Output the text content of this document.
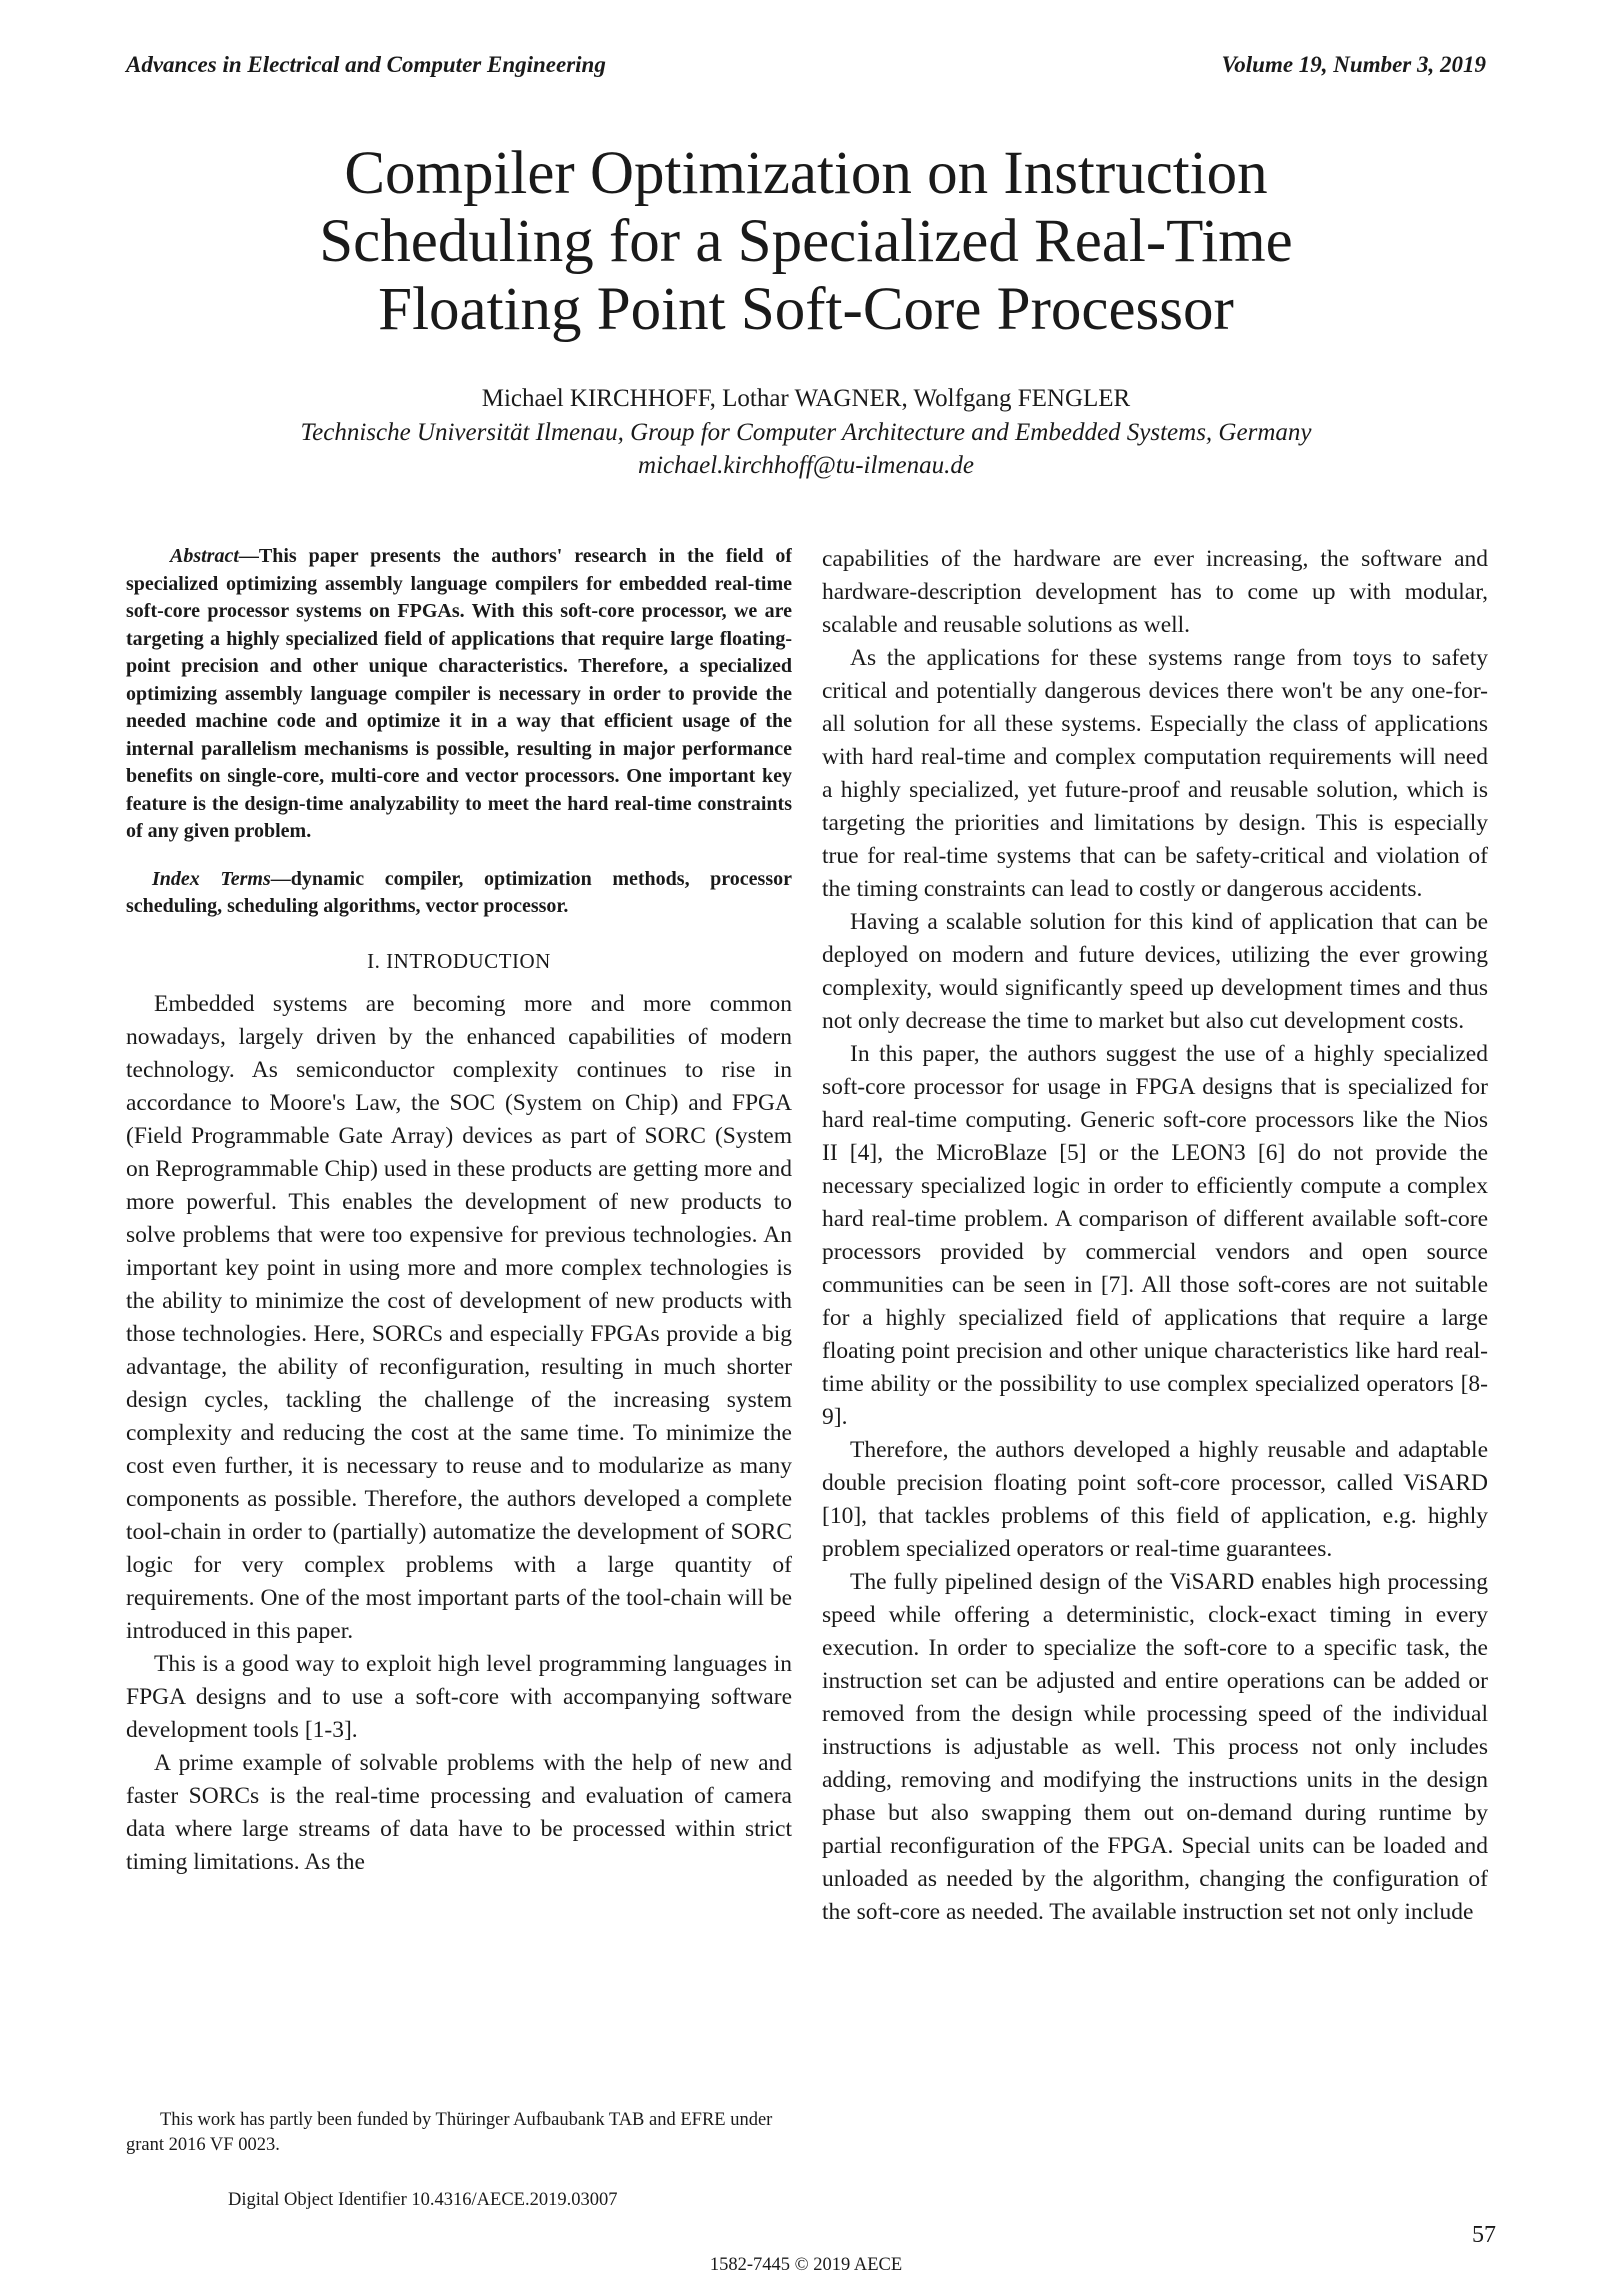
Advances in Electrical and Computer Engineering	Volume 19, Number 3, 2019
Compiler Optimization on Instruction
Scheduling for a Specialized Real-Time
Floating Point Soft-Core Processor
Michael KIRCHHOFF, Lothar WAGNER, Wolfgang FENGLER
Technische Universität Ilmenau, Group for Computer Architecture and Embedded Systems, Germany
michael.kirchhoff@tu-ilmenau.de

Abstract—This paper presents the authors' research in the field of specialized optimizing assembly language compilers for embedded real-time soft-core processor systems on FPGAs. With this soft-core processor, we are targeting a highly specialized field of applications that require large floating-point precision and other unique characteristics. Therefore, a specialized optimizing assembly language compiler is necessary in order to provide the needed machine code and optimize it in a way that efficient usage of the internal parallelism mechanisms is possible, resulting in major performance benefits on single-core, multi-core and vector processors. One important key feature is the design-time analyzability to meet the hard real-time constraints of any given problem.

Index Terms—dynamic compiler, optimization methods, processor scheduling, scheduling algorithms, vector processor.

I. INTRODUCTION

Embedded systems are becoming more and more common nowadays, largely driven by the enhanced capabilities of modern technology. As semiconductor complexity continues to rise in accordance to Moore's Law, the SOC (System on Chip) and FPGA (Field Programmable Gate Array) devices as part of SORC (System on Reprogrammable Chip) used in these products are getting more and more powerful. This enables the development of new products to solve problems that were too expensive for previous technologies. An important key point in using more and more complex technologies is the ability to minimize the cost of development of new products with those technologies. Here, SORCs and especially FPGAs provide a big advantage, the ability of reconfiguration, resulting in much shorter design cycles, tackling the challenge of the increasing system complexity and reducing the cost at the same time. To minimize the cost even further, it is necessary to reuse and to modularize as many components as possible. Therefore, the authors developed a complete tool-chain in order to (partially) automatize the development of SORC logic for very complex problems with a large quantity of requirements. One of the most important parts of the tool-chain will be introduced in this paper.

This is a good way to exploit high level programming languages in FPGA designs and to use a soft-core with accompanying software development tools [1-3].

A prime example of solvable problems with the help of new and faster SORCs is the real-time processing and evaluation of camera data where large streams of data have to be processed within strict timing limitations. As the

capabilities of the hardware are ever increasing, the software and hardware-description development has to come up with modular, scalable and reusable solutions as well.

As the applications for these systems range from toys to safety critical and potentially dangerous devices there won't be any one-for-all solution for all these systems. Especially the class of applications with hard real-time and complex computation requirements will need a highly specialized, yet future-proof and reusable solution, which is targeting the priorities and limitations by design. This is especially true for real-time systems that can be safety-critical and violation of the timing constraints can lead to costly or dangerous accidents.

Having a scalable solution for this kind of application that can be deployed on modern and future devices, utilizing the ever growing complexity, would significantly speed up development times and thus not only decrease the time to market but also cut development costs.

In this paper, the authors suggest the use of a highly specialized soft-core processor for usage in FPGA designs that is specialized for hard real-time computing. Generic soft-core processors like the Nios II [4], the MicroBlaze [5] or the LEON3 [6] do not provide the necessary specialized logic in order to efficiently compute a complex hard real-time problem. A comparison of different available soft-core processors provided by commercial vendors and open source communities can be seen in [7]. All those soft-cores are not suitable for a highly specialized field of applications that require a large floating point precision and other unique characteristics like hard real-time ability or the possibility to use complex specialized operators [8-9].

Therefore, the authors developed a highly reusable and adaptable double precision floating point soft-core processor, called ViSARD [10], that tackles problems of this field of application, e.g. highly problem specialized operators or real-time guarantees.

The fully pipelined design of the ViSARD enables high processing speed while offering a deterministic, clock-exact timing in every execution. In order to specialize the soft-core to a specific task, the instruction set can be adjusted and entire operations can be added or removed from the design while processing speed of the individual instructions is adjustable as well. This process not only includes adding, removing and modifying the instructions units in the design phase but also swapping them out on-demand during runtime by partial reconfiguration of the FPGA. Special units can be loaded and unloaded as needed by the algorithm, changing the configuration of the soft-core as needed. The available instruction set not only include

This work has partly been funded by Thüringer Aufbaubank TAB and EFRE under grant 2016 VF 0023.
Digital Object Identifier 10.4316/AECE.2019.03007
57
1582-7445 © 2019 AECE
